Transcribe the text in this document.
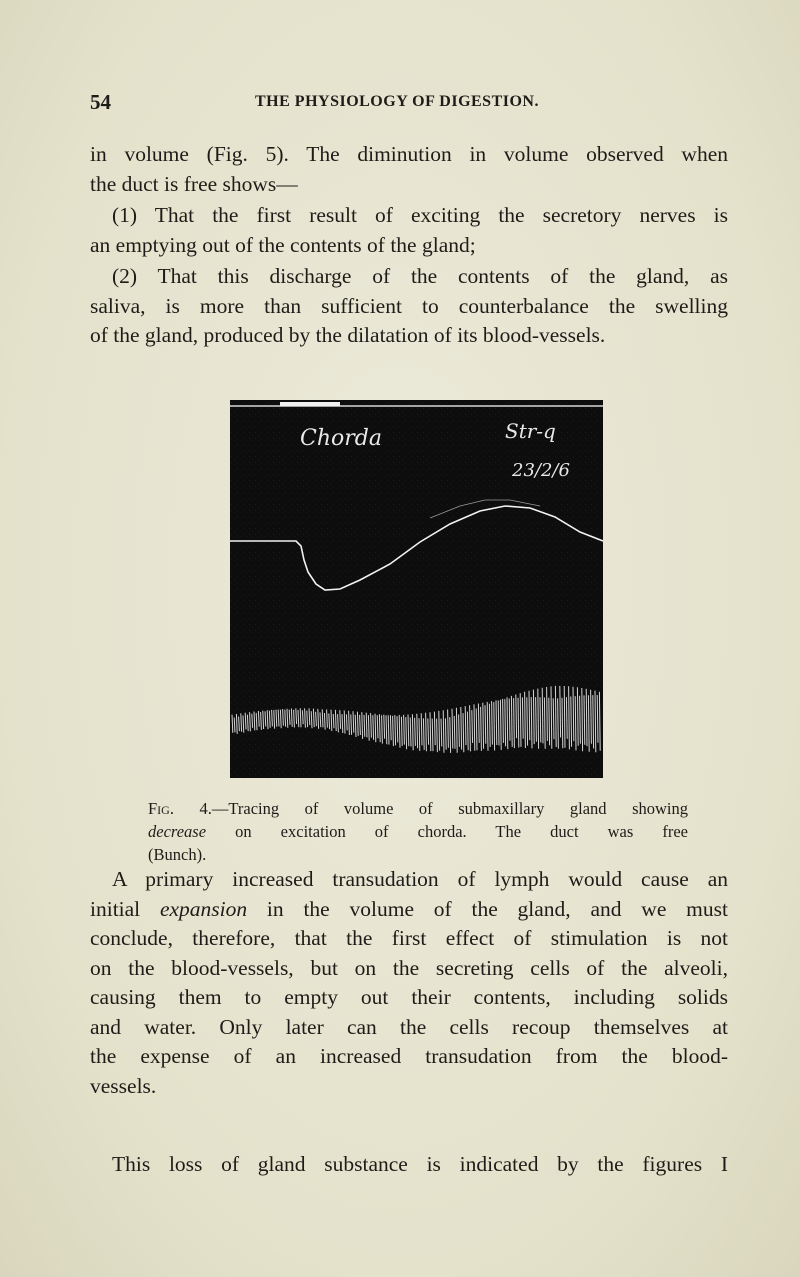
54	THE PHYSIOLOGY OF DIGESTION.
in volume (Fig. 5). The diminution in volume observed when
the duct is free shows—
(1) That the first result of exciting the secretory nerves is
an emptying out of the contents of the gland;
(2) That this discharge of the contents of the gland, as
saliva, is more than sufficient to counterbalance the swelling
of the gland, produced by the dilatation of its blood-vessels.
Chorda	Str-q
23/2/6
Fig. 4.—Tracing of volume of submaxillary gland showing
decrease on excitation of chorda. The duct was free
(Bunch).
A primary increased transudation of lymph would cause an
initial expansion in the volume of the gland, and we must
conclude, therefore, that the first effect of stimulation is not
on the blood-vessels, but on the secreting cells of the alveoli,
causing them to empty out their contents, including solids
and water. Only later can the cells recoup themselves at
the expense of an increased transudation from the blood-
vessels.
This loss of gland substance is indicated by the figures I
